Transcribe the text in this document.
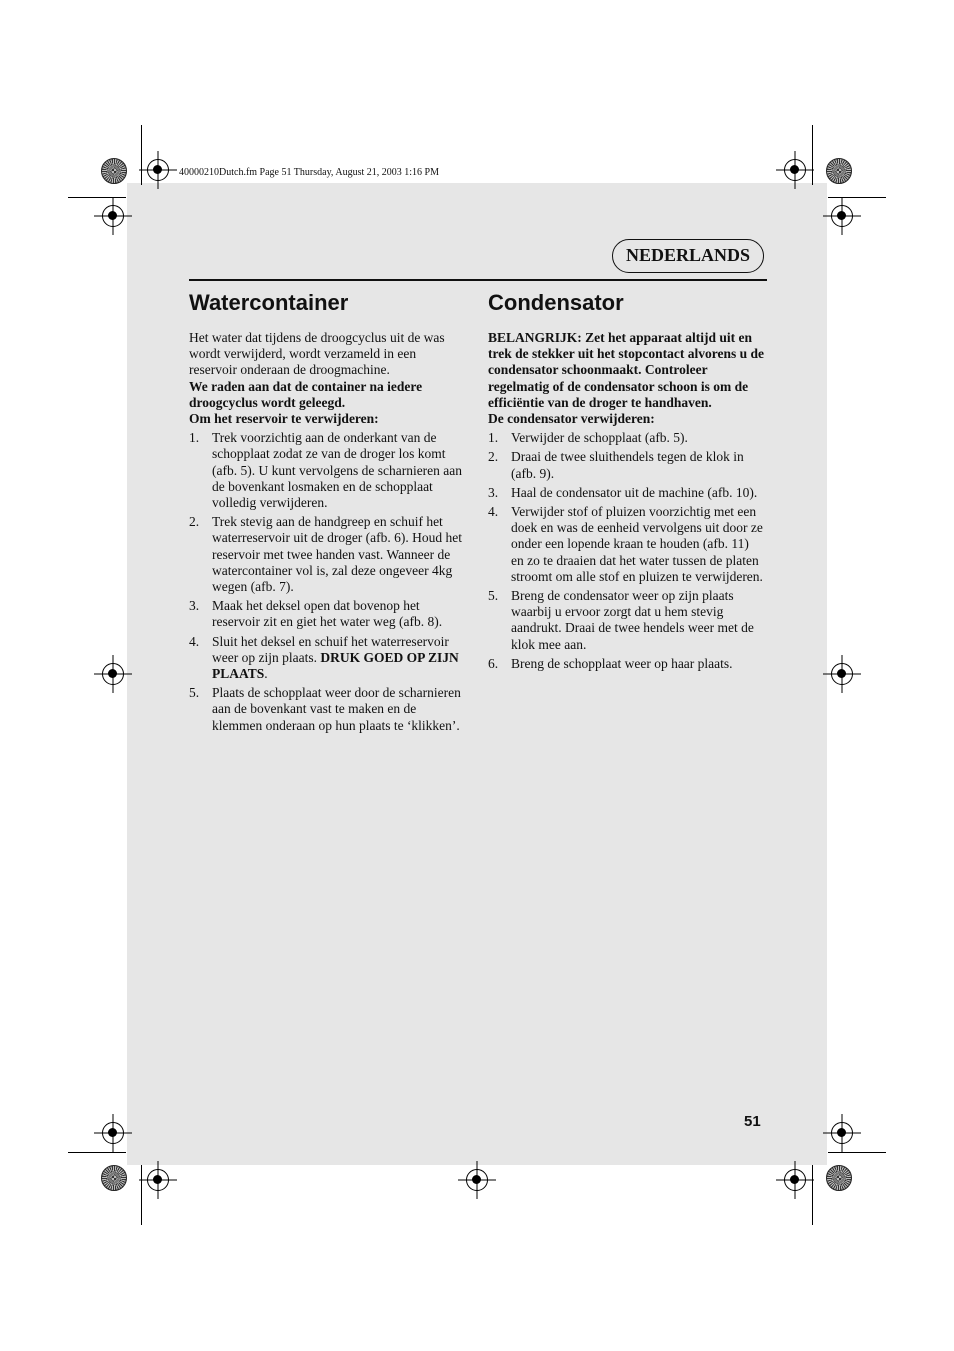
40000210Dutch.fm Page 51 Thursday, August 21, 2003 1:16 PM
NEDERLANDS
Watercontainer

Het water dat tijdens de droogcyclus uit de was wordt verwijderd, wordt verzameld in een reservoir onderaan de droogmachine.

We raden aan dat de container na iedere droogcyclus wordt geleegd.

Om het reservoir te verwijderen:

1. Trek voorzichtig aan de onderkant van de schopplaat zodat ze van de droger los komt (afb. 5). U kunt vervolgens de scharnieren aan de bovenkant losmaken en de schopplaat volledig verwijderen.
2. Trek stevig aan de handgreep en schuif het waterreservoir uit de droger (afb. 6). Houd het reservoir met twee handen vast. Wanneer de watercontainer vol is, zal deze ongeveer 4kg wegen (afb. 7).
3. Maak het deksel open dat bovenop het reservoir zit en giet het water weg (afb. 8).
4. Sluit het deksel en schuif het waterreservoir weer op zijn plaats. DRUK GOED OP ZIJN PLAATS.
5. Plaats de schopplaat weer door de scharnieren aan de bovenkant vast te maken en de klemmen onderaan op hun plaats te ‘klikken’.
Condensator

BELANGRIJK: Zet het apparaat altijd uit en trek de stekker uit het stopcontact alvorens u de condensator schoonmaakt. Controleer regelmatig of de condensator schoon is om de efficiëntie van de droger te handhaven.

De condensator verwijderen:

1. Verwijder de schopplaat (afb. 5).
2. Draai de twee sluithendels tegen de klok in (afb. 9).
3. Haal de condensator uit de machine (afb. 10).
4. Verwijder stof of pluizen voorzichtig met een doek en was de eenheid vervolgens uit door ze onder een lopende kraan te houden (afb. 11) en zo te draaien dat het water tussen de platen stroomt om alle stof en pluizen te verwijderen.
5. Breng de condensator weer op zijn plaats waarbij u ervoor zorgt dat u hem stevig aandrukt. Draai de twee hendels weer met de klok mee aan.
6. Breng de schopplaat weer op haar plaats.
51
